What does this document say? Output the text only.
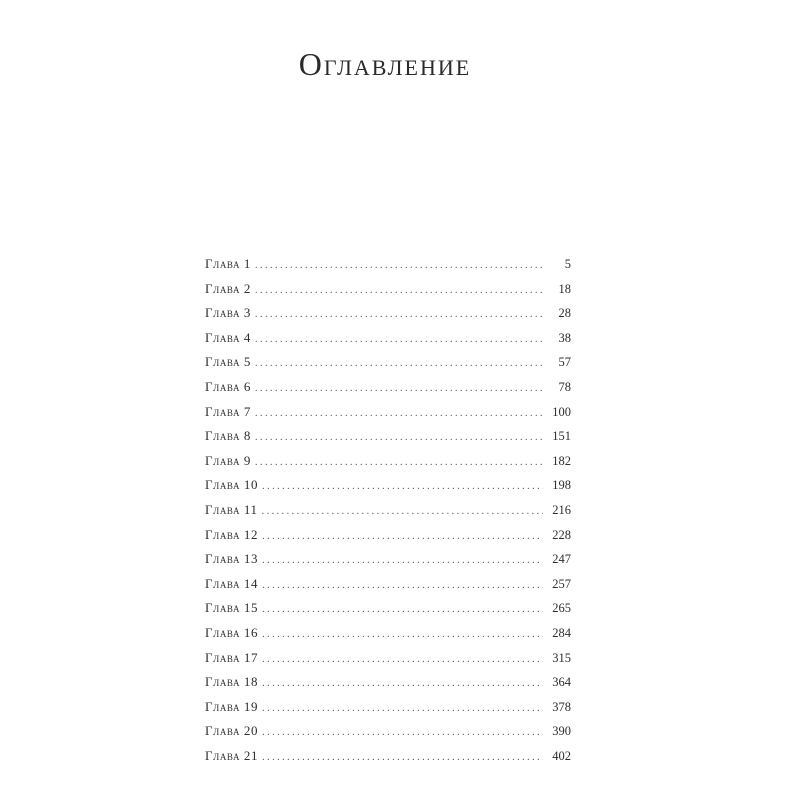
Оглавление
Глава 1 . . .	5
Глава 2 . . .	18
Глава 3 . . .	28
Глава 4 . . .	38
Глава 5 . . .	57
Глава 6 . . .	78
Глава 7 . . .	100
Глава 8 . . .	151
Глава 9 . . .	182
Глава 10 . . .	198
Глава 11 . . .	216
Глава 12 . . .	228
Глава 13 . . .	247
Глава 14 . . .	257
Глава 15 . . .	265
Глава 16 . . .	284
Глава 17 . . .	315
Глава 18 . . .	364
Глава 19 . . .	378
Глава 20 . . .	390
Глава 21 . . .	402
